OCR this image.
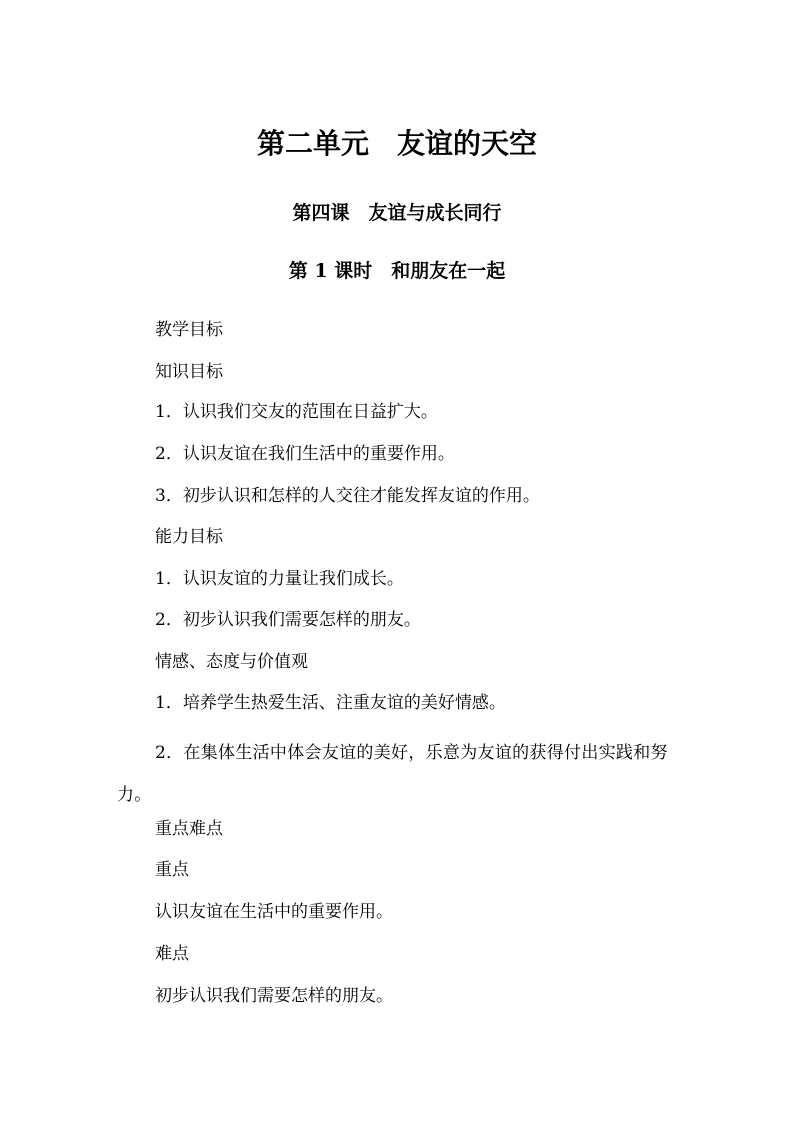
第二单元　友谊的天空
第四课　友谊与成长同行
第 1 课时　和朋友在一起
教学目标
知识目标
1．认识我们交友的范围在日益扩大。
2．认识友谊在我们生活中的重要作用。
3．初步认识和怎样的人交往才能发挥友谊的作用。
能力目标
1．认识友谊的力量让我们成长。
2．初步认识我们需要怎样的朋友。
情感、态度与价值观
1．培养学生热爱生活、注重友谊的美好情感。
2．在集体生活中体会友谊的美好，乐意为友谊的获得付出实践和努力。
重点难点
重点
认识友谊在生活中的重要作用。
难点
初步认识我们需要怎样的朋友。
